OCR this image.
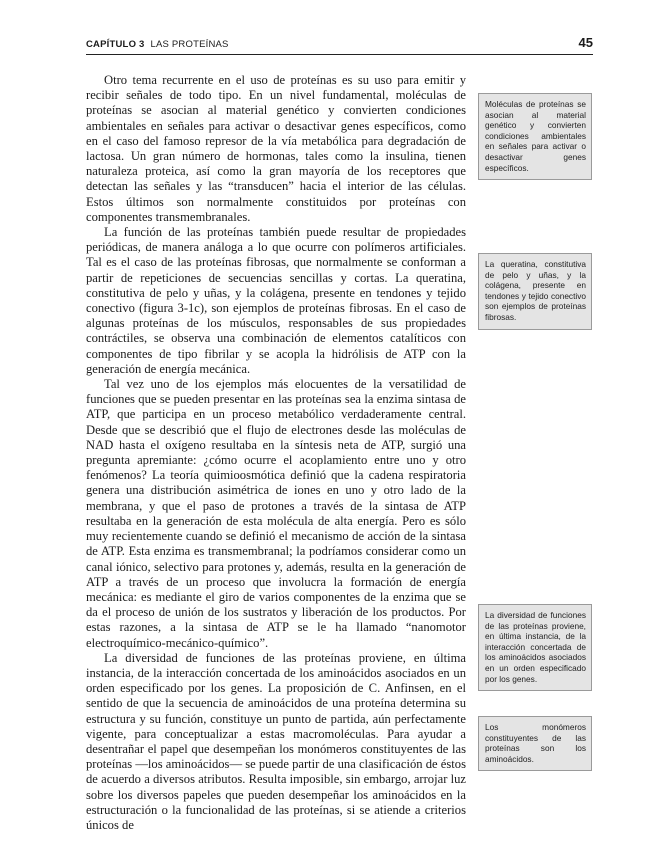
CAPÍTULO 3 LAS PROTEÍNAS	45

Otro tema recurrente en el uso de proteínas es su uso para emitir y recibir señales de todo tipo. En un nivel fundamental, moléculas de proteínas se asocian al material genético y convierten condiciones ambientales en señales para activar o desactivar genes específicos, como en el caso del famoso represor de la vía metabólica para degradación de lactosa. Un gran número de hormonas, tales como la insulina, tienen naturaleza proteica, así como la gran mayoría de los receptores que detectan las señales y las “transducen” hacia el interior de las células. Estos últimos son normalmente constituidos por proteínas con componentes transmembranales.

La función de las proteínas también puede resultar de propiedades periódicas, de manera análoga a lo que ocurre con polímeros artificiales. Tal es el caso de las proteínas fibrosas, que normalmente se conforman a partir de repeticiones de secuencias sencillas y cortas. La queratina, constitutiva de pelo y uñas, y la colágena, presente en tendones y tejido conectivo (figura 3-1c), son ejemplos de proteínas fibrosas. En el caso de algunas proteínas de los músculos, responsables de sus propiedades contráctiles, se observa una combinación de elementos catalíticos con componentes de tipo fibrilar y se acopla la hidrólisis de ATP con la generación de energía mecánica.

Tal vez uno de los ejemplos más elocuentes de la versatilidad de funciones que se pueden presentar en las proteínas sea la enzima sintasa de ATP, que participa en un proceso metabólico verdaderamente central. Desde que se describió que el flujo de electrones desde las moléculas de NAD hasta el oxígeno resultaba en la síntesis neta de ATP, surgió una pregunta apremiante: ¿cómo ocurre el acoplamiento entre uno y otro fenómenos? La teoría quimioosmótica definió que la cadena respiratoria genera una distribución asimétrica de iones en uno y otro lado de la membrana, y que el paso de protones a través de la sintasa de ATP resultaba en la generación de esta molécula de alta energía. Pero es sólo muy recientemente cuando se definió el mecanismo de acción de la sintasa de ATP. Esta enzima es transmembranal; la podríamos considerar como un canal iónico, selectivo para protones y, además, resulta en la generación de ATP a través de un proceso que involucra la formación de energía mecánica: es mediante el giro de varios componentes de la enzima que se da el proceso de unión de los sustratos y liberación de los productos. Por estas razones, a la sintasa de ATP se le ha llamado “nanomotor electroquímico-mecánico-químico”.

La diversidad de funciones de las proteínas proviene, en última instancia, de la interacción concertada de los aminoácidos asociados en un orden especificado por los genes. La proposición de C. Anfinsen, en el sentido de que la secuencia de aminoácidos de una proteína determina su estructura y su función, constituye un punto de partida, aún perfectamente vigente, para conceptualizar a estas macromoléculas. Para ayudar a desentrañar el papel que desempeñan los monómeros constituyentes de las proteínas —los aminoácidos— se puede partir de una clasificación de éstos de acuerdo a diversos atributos. Resulta imposible, sin embargo, arrojar luz sobre los diversos papeles que pueden desempeñar los aminoácidos en la estructuración o la funcionalidad de las proteínas, si se atiende a criterios únicos de

Moléculas de proteínas se asocian al material genético y convierten condiciones ambientales en señales para activar o desactivar genes específicos.
La queratina, constitutiva de pelo y uñas, y la colágena, presente en tendones y tejido conectivo son ejemplos de proteínas fibrosas.
La diversidad de funciones de las proteínas proviene, en última instancia, de la interacción concertada de los aminoácidos asociados en un orden especificado por los genes.
Los monómeros constituyentes de las proteínas son los aminoácidos.
